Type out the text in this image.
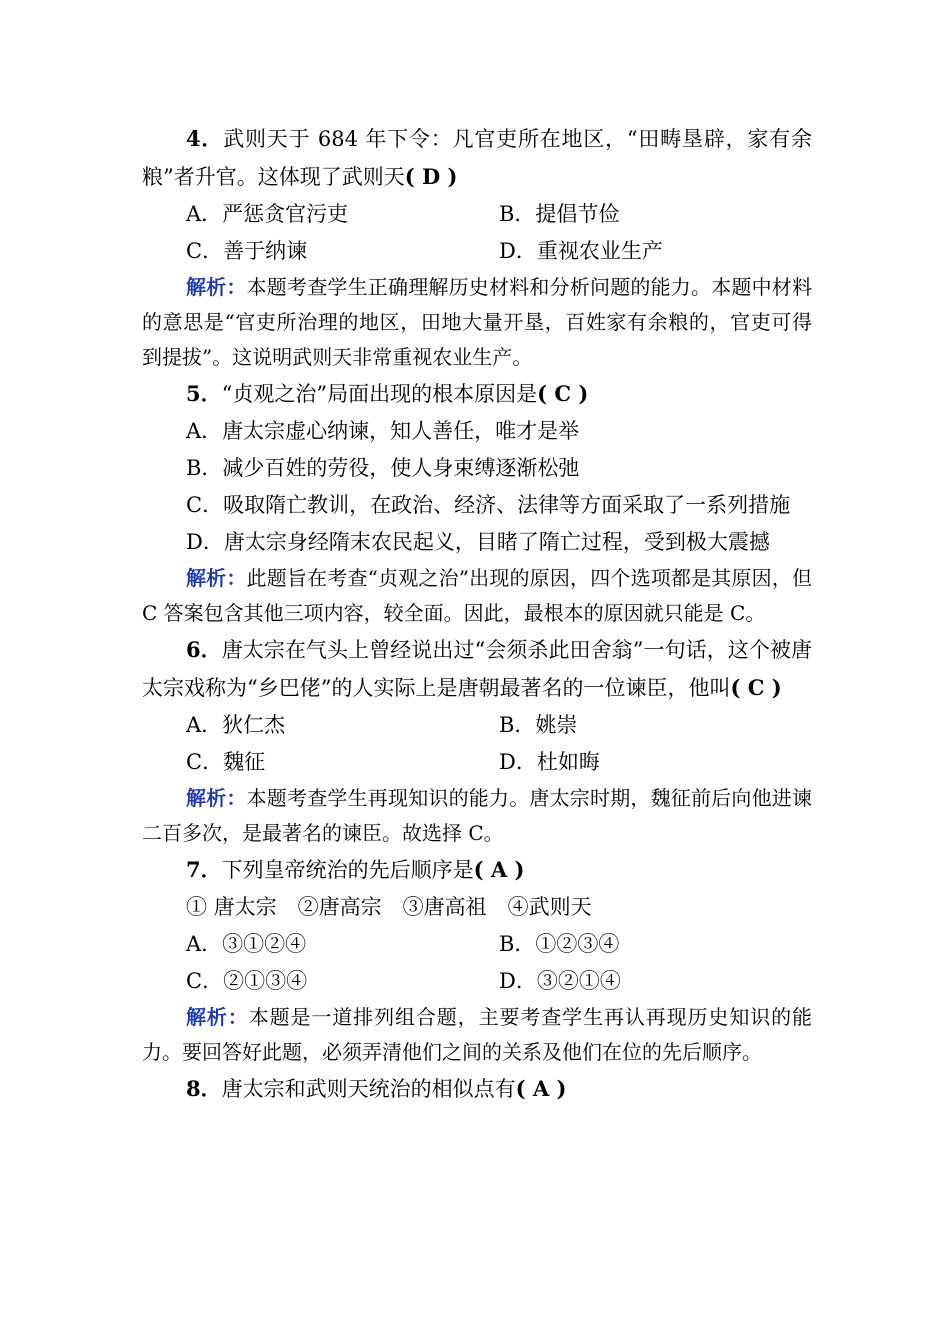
4．武则天于 684 年下令：凡官吏所在地区，“田畴垦辟，家有余粮”者升官。这体现了武则天( D )

A．严惩贪官污吏	B．提倡节俭
C．善于纳谏	D．重视农业生产

解析：本题考查学生正确理解历史材料和分析问题的能力。本题中材料的意思是“官吏所治理的地区，田地大量开垦，百姓家有余粮的，官吏可得到提拔”。这说明武则天非常重视农业生产。

5．“贞观之治”局面出现的根本原因是( C )

A．唐太宗虚心纳谏，知人善任，唯才是举

B．减少百姓的劳役，使人身束缚逐渐松弛

C．吸取隋亡教训，在政治、经济、法律等方面采取了一系列措施

D．唐太宗身经隋末农民起义，目睹了隋亡过程，受到极大震撼

解析：此题旨在考查“贞观之治”出现的原因，四个选项都是其原因，但 C 答案包含其他三项内容，较全面。因此，最根本的原因就只能是 C。

6．唐太宗在气头上曾经说出过“会须杀此田舍翁”一句话，这个被唐太宗戏称为“乡巴佬”的人实际上是唐朝最著名的一位谏臣，他叫( C )

A．狄仁杰	B．姚崇
C．魏征	D．杜如晦

解析：本题考查学生再现知识的能力。唐太宗时期，魏征前后向他进谏二百多次，是最著名的谏臣。故选择 C。

7．下列皇帝统治的先后顺序是( A )

① 唐太宗　②唐高宗　③唐高祖　④武则天

A．③①②④	B．①②③④
C．②①③④	D．③②①④

解析：本题是一道排列组合题，主要考查学生再认再现历史知识的能力。要回答好此题，必须弄清他们之间的关系及他们在位的先后顺序。

8．唐太宗和武则天统治的相似点有( A )
